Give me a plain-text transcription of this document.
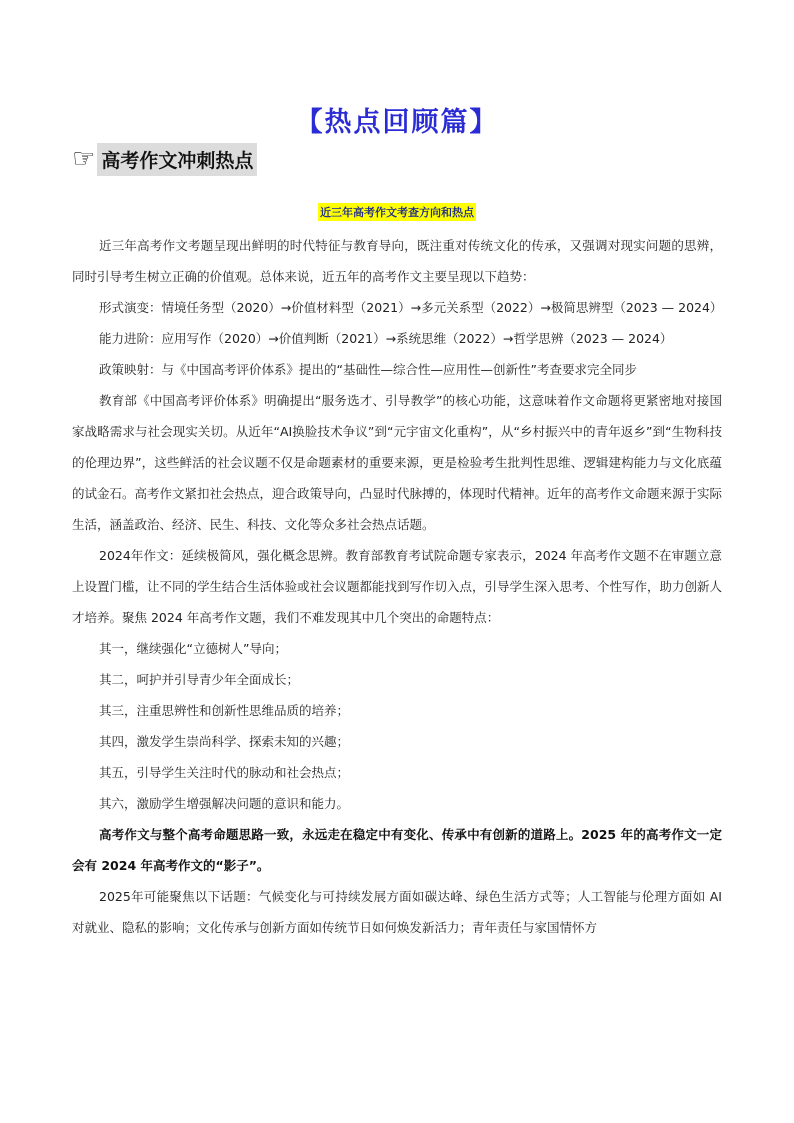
【热点回顾篇】
☞ 高考作文冲刺热点
近三年高考作文考查方向和热点

近三年高考作文考题呈现出鲜明的时代特征与教育导向，既注重对传统文化的传承，又强调对现实问题的思辨，同时引导考生树立正确的价值观。总体来说，近五年的高考作文主要呈现以下趋势：

形式演变：情境任务型（2020）→价值材料型（2021）→多元关系型（2022）→极简思辨型（2023 — 2024）

能力进阶：应用写作（2020）→价值判断（2021）→系统思维（2022）→哲学思辨（2023 — 2024）

政策映射：与《中国高考评价体系》提出的“基础性—综合性—应用性—创新性”考查要求完全同步

教育部《中国高考评价体系》明确提出“服务选才、引导教学”的核心功能，这意味着作文命题将更紧密地对接国家战略需求与社会现实关切。从近年“AI换脸技术争议”到“元宇宙文化重构”，从“乡村振兴中的青年返乡”到“生物科技的伦理边界”，这些鲜活的社会议题不仅是命题素材的重要来源，更是检验考生批判性思维、逻辑建构能力与文化底蕴的试金石。高考作文紧扣社会热点，迎合政策导向，凸显时代脉搏的，体现时代精神。近年的高考作文命题来源于实际生活，涵盖政治、经济、民生、科技、文化等众多社会热点话题。

2024年作文：延续极简风，强化概念思辨。教育部教育考试院命题专家表示，2024 年高考作文题不在审题立意上设置门槛，让不同的学生结合生活体验或社会议题都能找到写作切入点，引导学生深入思考、个性写作，助力创新人才培养。聚焦 2024 年高考作文题，我们不难发现其中几个突出的命题特点：

其一，继续强化“立德树人”导向；

其二，呵护并引导青少年全面成长；

其三，注重思辨性和创新性思维品质的培养；

其四，激发学生崇尚科学、探索未知的兴趣；

其五，引导学生关注时代的脉动和社会热点；

其六，激励学生增强解决问题的意识和能力。

高考作文与整个高考命题思路一致，永远走在稳定中有变化、传承中有创新的道路上。2025 年的高考作文一定会有 2024 年高考作文的“影子”。

2025年可能聚焦以下话题：气候变化与可持续发展方面如碳达峰、绿色生活方式等；人工智能与伦理方面如 AI 对就业、隐私的影响；文化传承与创新方面如传统节日如何焕发新活力；青年责任与家国情怀方
